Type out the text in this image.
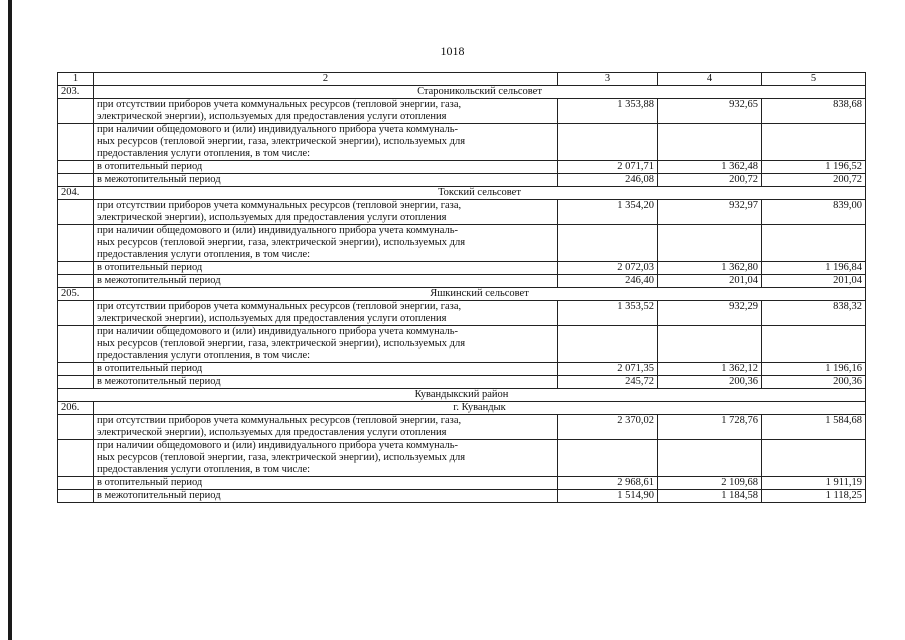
1018
1	2	3	4	5
203.	Староникольский сельсовет			

	при отсутствии приборов учета коммунальных ресурсов (тепловой энергии, газа,
электрической энергии), используемых для предоставления услуги отопления	1 353,88	932,65	838,68

	при наличии общедомового и (или) индивидуального прибора учета коммуналь-
ных ресурсов (тепловой энергии, газа, электрической энергии), используемых для
предоставления услуги отопления, в том числе:			

	в отопительный период	2 071,71	1 362,48	1 196,52
	в межотопительный период	246,08	200,72	200,72
204.	Токский сельсовет			

	при отсутствии приборов учета коммунальных ресурсов (тепловой энергии, газа,
электрической энергии), используемых для предоставления услуги отопления	1 354,20	932,97	839,00

	при наличии общедомового и (или) индивидуального прибора учета коммуналь-
ных ресурсов (тепловой энергии, газа, электрической энергии), используемых для
предоставления услуги отопления, в том числе:			

	в отопительный период	2 072,03	1 362,80	1 196,84
	в межотопительный период	246,40	201,04	201,04
205.	Яшкинский сельсовет			

	при отсутствии приборов учета коммунальных ресурсов (тепловой энергии, газа,
электрической энергии), используемых для предоставления услуги отопления	1 353,52	932,29	838,32

	при наличии общедомового и (или) индивидуального прибора учета коммуналь-
ных ресурсов (тепловой энергии, газа, электрической энергии), используемых для
предоставления услуги отопления, в том числе:			

	в отопительный период	2 071,35	1 362,12	1 196,16
	в межотопительный период	245,72	200,36	200,36
Кувандыкский район				
206.	г. Кувандык			

	при отсутствии приборов учета коммунальных ресурсов (тепловой энергии, газа,
электрической энергии), используемых для предоставления услуги отопления	2 370,02	1 728,76	1 584,68

	при наличии общедомового и (или) индивидуального прибора учета коммуналь-
ных ресурсов (тепловой энергии, газа, электрической энергии), используемых для
предоставления услуги отопления, в том числе:			

	в отопительный период	2 968,61	2 109,68	1 911,19
	в межотопительный период	1 514,90	1 184,58	1 118,25
